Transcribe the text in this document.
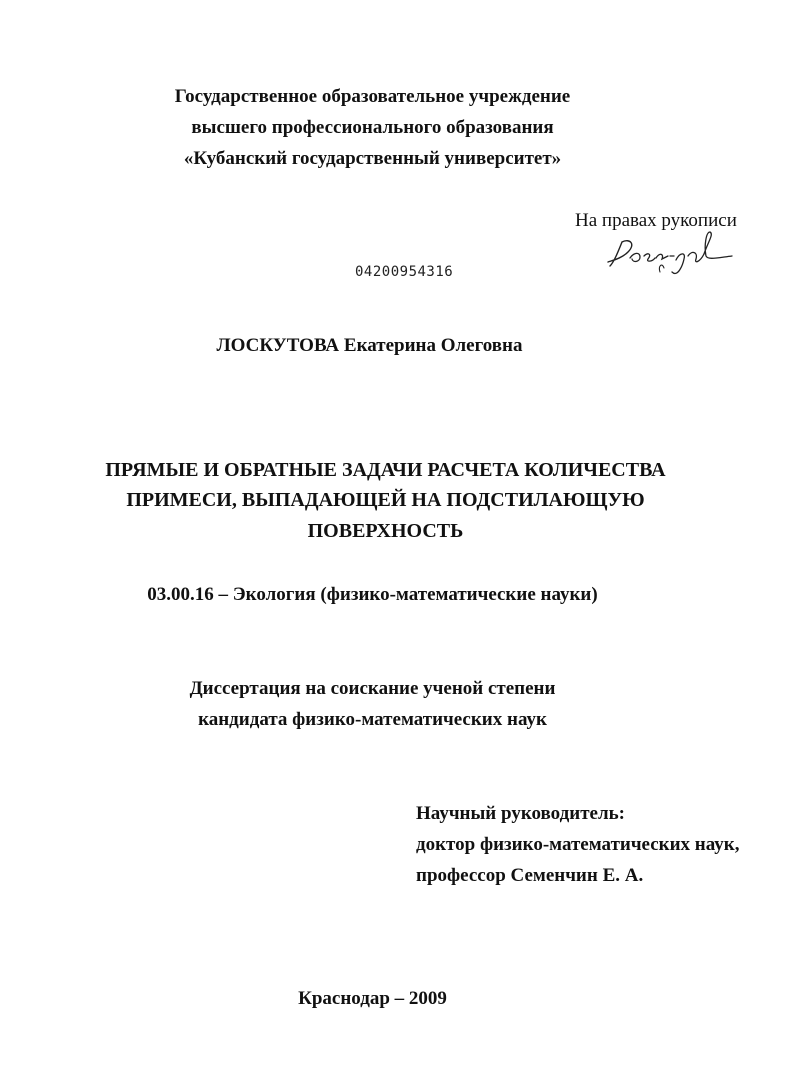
Государственное образовательное учреждение
высшего профессионального образования
«Кубанский государственный университет»
На правах рукописи
04200954316
ЛОСКУТОВА Екатерина Олеговна
ПРЯМЫЕ И ОБРАТНЫЕ ЗАДАЧИ РАСЧЕТА КОЛИЧЕСТВА
ПРИМЕСИ, ВЫПАДАЮЩЕЙ НА ПОДСТИЛАЮЩУЮ
ПОВЕРХНОСТЬ
03.00.16 – Экология (физико-математические науки)
Диссертация на соискание ученой степени
кандидата физико-математических наук
Научный руководитель:
доктор физико-математических наук,
профессор Семенчин Е. А.
Краснодар – 2009
